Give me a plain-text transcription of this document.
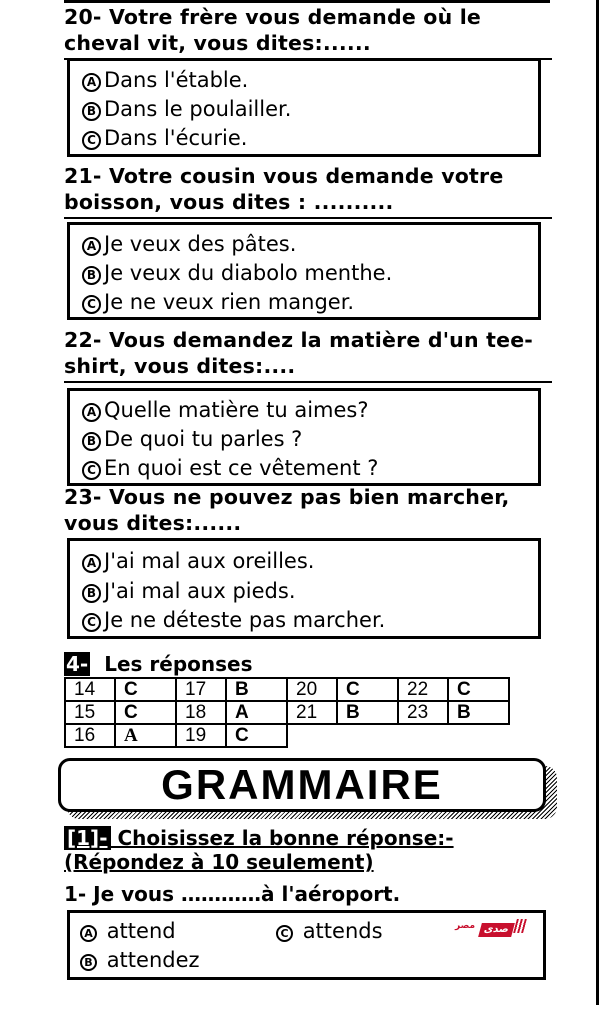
20- Votre frère vous demande où le cheval vit, vous dites:......
A Dans l'étable.
B Dans le poulailler.
C Dans l'écurie.
21- Votre cousin vous demande votre boisson, vous dites : ..........
A Je veux des pâtes.
B Je veux du diabolo menthe.
C Je ne veux rien manger.
22- Vous demandez la matière d'un tee-shirt, vous dites:....
A Quelle matière tu aimes?
B De quoi tu parles ?
C En quoi est ce vêtement ?
23- Vous ne pouvez pas bien marcher, vous dites:......
A J'ai mal aux oreilles.
B J'ai mal aux pieds.
C Je ne déteste pas marcher.
4- Les réponses
14	C	17	B	20	C	22	C
15	C	18	A	21	B	23	B
16	A	19	C				
GRAMMAIRE
[1]- Choisissez la bonne réponse:-
(Répondez à 10 seulement)
1- Je vous …………à l'aéroport.
A attend	C attends
B attendez
$^{مصر}$ صدى
